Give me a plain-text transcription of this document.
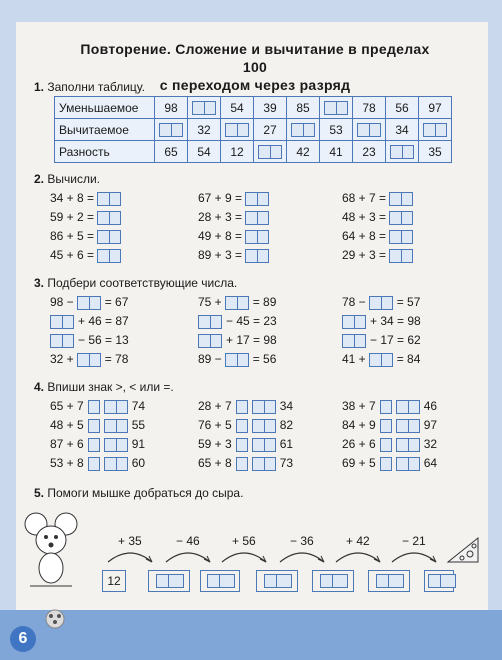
6
Повторение. Сложение и вычитание в пределах 100
с переходом через разряд
1. Заполни таблицу.
Уменьшаемое	98		54	39	85		78	56	97
Вычитаемое		32		27		53		34	
Разность	65	54	12		42	41	23		35
2. Вычисли.
34 + 8 =	67 + 9 =	68 + 7 =
59 + 2 =	28 + 3 =	48 + 3 =
86 + 5 =	49 + 8 =	64 + 8 =
45 + 6 =	89 + 3 =	29 + 3 =
3. Подбери соответствующие числа.
98 −	= 67	75 +	= 89	78 −	= 57
+ 46 = 87	− 45 = 23	+ 34 = 98
− 56 = 13	+ 17 = 98	− 17 = 62
32 +	= 78	89 −	= 56	41 +	= 84
4. Впиши знак >, < или =.
65 + 7	74	28 + 7	34	38 + 7	46
48 + 5	55	76 + 5	82	84 + 9	97
87 + 6	91	59 + 3	61	26 + 6	32
53 + 8	60	65 + 8	73	69 + 5	64
5. Помоги мышке добраться до сыра.
+ 35	− 46	+ 56	− 36	+ 42	− 21
12
